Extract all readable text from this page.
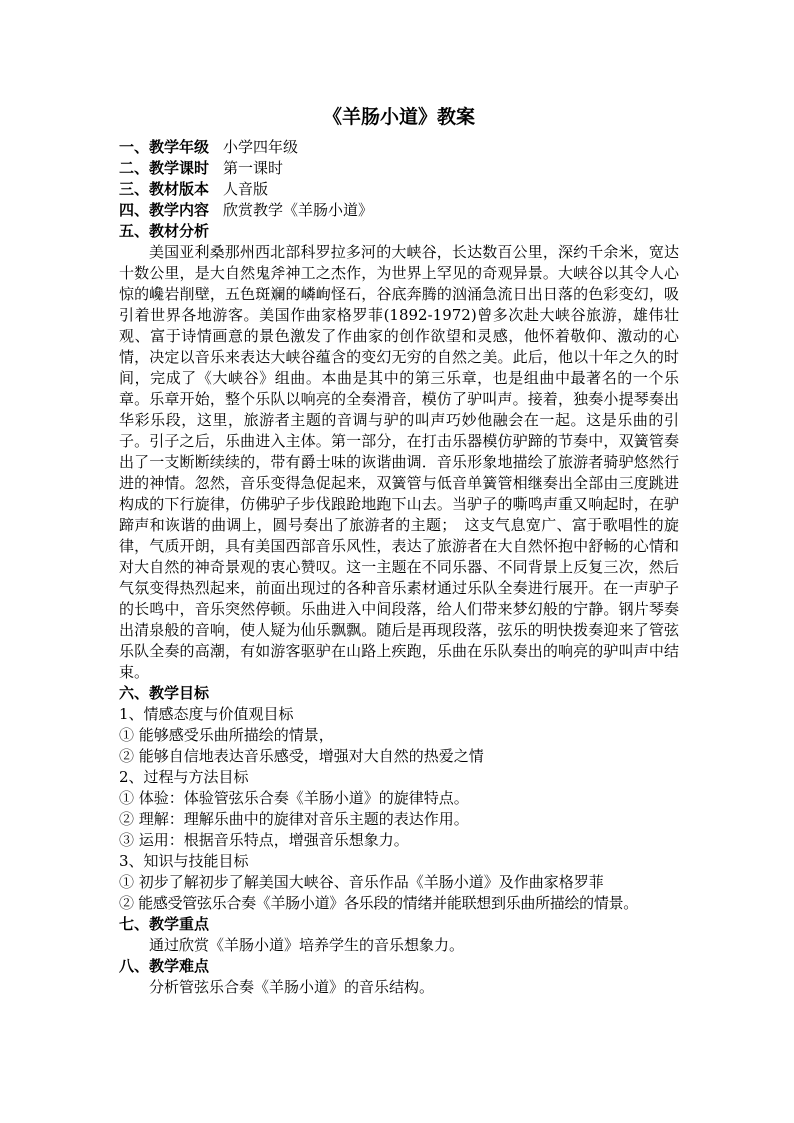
《羊肠小道》教案
一、教学年级 小学四年级
二、教学课时 第一课时
三、教材版本 人音版
四、教学内容 欣赏教学《羊肠小道》
五、教材分析
美国亚利桑那州西北部科罗拉多河的大峡谷，长达数百公里，深约千余米，宽达十数公里，是大自然鬼斧神工之杰作，为世界上罕见的奇观异景。大峡谷以其令人心惊的巉岩削壁，五色斑斓的嶙峋怪石，谷底奔腾的汹涌急流日出日落的色彩变幻，吸引着世界各地游客。美国作曲家格罗菲(1892-1972)曾多次赴大峡谷旅游，雄伟壮观、富于诗情画意的景色激发了作曲家的创作欲望和灵感，他怀着敬仰、激动的心情，决定以音乐来表达大峡谷蕴含的变幻无穷的自然之美。此后，他以十年之久的时间，完成了《大峡谷》组曲。本曲是其中的第三乐章，也是组曲中最著名的一个乐章。乐章开始，整个乐队以响亮的全奏滑音，模仿了驴叫声。接着，独奏小提琴奏出华彩乐段，这里，旅游者主题的音调与驴的叫声巧妙他融会在一起。这是乐曲的引子。引子之后，乐曲进入主体。第一部分，在打击乐器模仿驴蹄的节奏中，双簧管奏出了一支断断续续的，带有爵士味的诙谐曲调．音乐形象地描绘了旅游者骑驴悠然行进的神情。忽然，音乐变得急促起来，双簧管与低音单簧管相继奏出全部由三度跳进构成的下行旋律，仿佛驴子步伐踉跄地跑下山去。当驴子的嘶鸣声重又响起时，在驴蹄声和诙谐的曲调上，圆号奏出了旅游者的主题；　这支气息宽广、富于歌唱性的旋律，气质开朗，具有美国西部音乐风性，表达了旅游者在大自然怀抱中舒畅的心情和对大自然的神奇景观的衷心赞叹。这一主题在不同乐器、不同背景上反复三次，然后气氛变得热烈起来，前面出现过的各种音乐素材通过乐队全奏进行展开。在一声驴子的长鸣中，音乐突然停顿。乐曲进入中间段落，给人们带来梦幻般的宁静。钢片琴奏出清泉般的音响，使人疑为仙乐飘飘。随后是再现段落，弦乐的明快拨奏迎来了管弦乐队全奏的高潮，有如游客驱驴在山路上疾跑，乐曲在乐队奏出的响亮的驴叫声中结束。
六、教学目标
1、情感态度与价值观目标
① 能够感受乐曲所描绘的情景，
② 能够自信地表达音乐感受，增强对大自然的热爱之情
2、过程与方法目标
① 体验：体验管弦乐合奏《羊肠小道》的旋律特点。
② 理解：理解乐曲中的旋律对音乐主题的表达作用。
③ 运用：根据音乐特点，增强音乐想象力。
3、知识与技能目标
① 初步了解初步了解美国大峡谷、音乐作品《羊肠小道》及作曲家格罗菲
② 能感受管弦乐合奏《羊肠小道》各乐段的情绪并能联想到乐曲所描绘的情景。
七、教学重点
通过欣赏《羊肠小道》培养学生的音乐想象力。
八、教学难点
分析管弦乐合奏《羊肠小道》的音乐结构。
